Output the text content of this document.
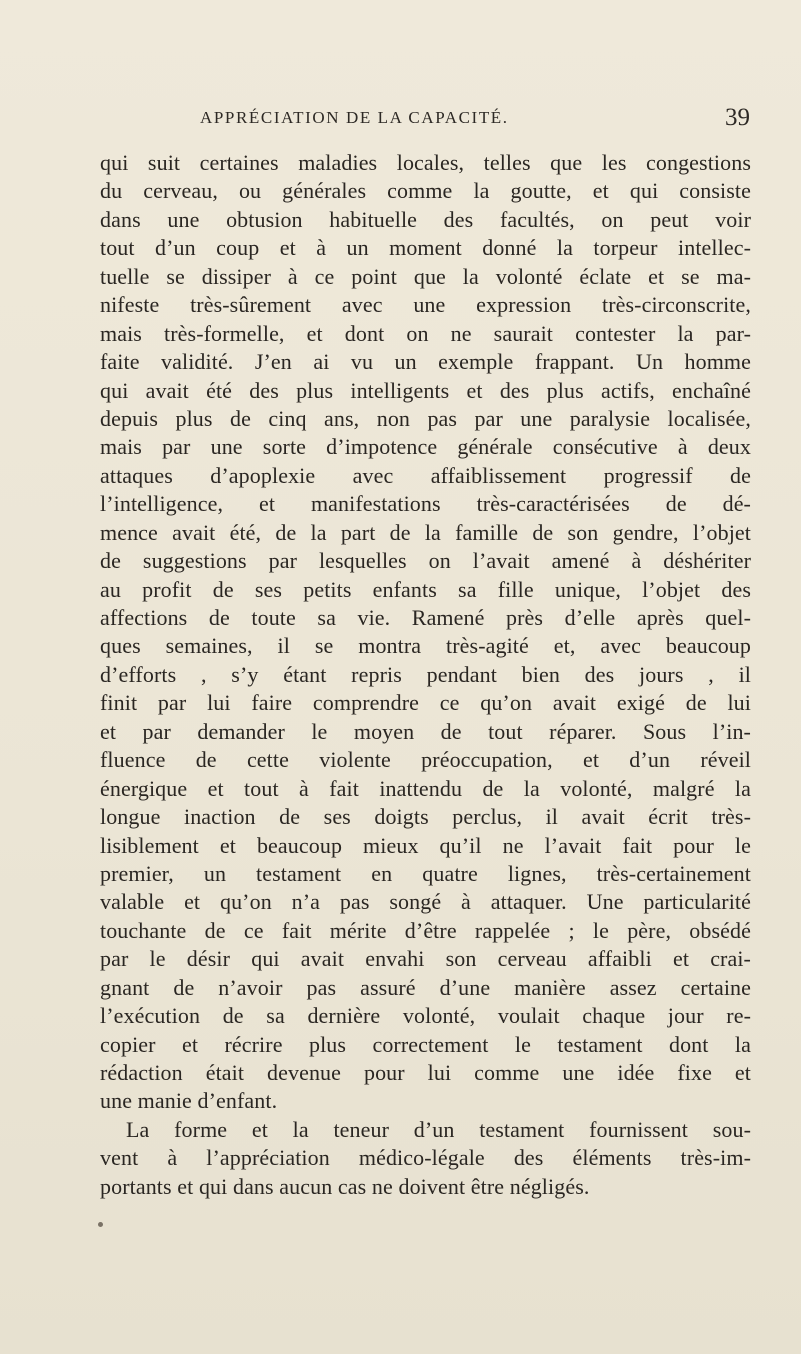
APPRÉCIATION DE LA CAPACITÉ.	39
qui suit certaines maladies locales, telles que les congestions
du cerveau, ou générales comme la goutte, et qui consiste
dans une obtusion habituelle des facultés, on peut voir
tout d’un coup et à un moment donné la torpeur intellec-
tuelle se dissiper à ce point que la volonté éclate et se ma-
nifeste très-sûrement avec une expression très-circonscrite,
mais très-formelle, et dont on ne saurait contester la par-
faite validité. J’en ai vu un exemple frappant. Un homme
qui avait été des plus intelligents et des plus actifs, enchaîné
depuis plus de cinq ans, non pas par une paralysie localisée,
mais par une sorte d’impotence générale consécutive à deux
attaques d’apoplexie avec affaiblissement progressif de
l’intelligence, et manifestations très-caractérisées de dé-
mence avait été, de la part de la famille de son gendre, l’objet
de suggestions par lesquelles on l’avait amené à déshériter
au profit de ses petits enfants sa fille unique, l’objet des
affections de toute sa vie. Ramené près d’elle après quel-
ques semaines, il se montra très-agité et, avec beaucoup
d’efforts , s’y étant repris pendant bien des jours , il
finit par lui faire comprendre ce qu’on avait exigé de lui
et par demander le moyen de tout réparer. Sous l’in-
fluence de cette violente préoccupation, et d’un réveil
énergique et tout à fait inattendu de la volonté, malgré la
longue inaction de ses doigts perclus, il avait écrit très-
lisiblement et beaucoup mieux qu’il ne l’avait fait pour le
premier, un testament en quatre lignes, très-certainement
valable et qu’on n’a pas songé à attaquer. Une particularité
touchante de ce fait mérite d’être rappelée ; le père, obsédé
par le désir qui avait envahi son cerveau affaibli et crai-
gnant de n’avoir pas assuré d’une manière assez certaine
l’exécution de sa dernière volonté, voulait chaque jour re-
copier et récrire plus correctement le testament dont la
rédaction était devenue pour lui comme une idée fixe et
une manie d’enfant.
La forme et la teneur d’un testament fournissent sou-
vent à l’appréciation médico-légale des éléments très-im-
portants et qui dans aucun cas ne doivent être négligés.
